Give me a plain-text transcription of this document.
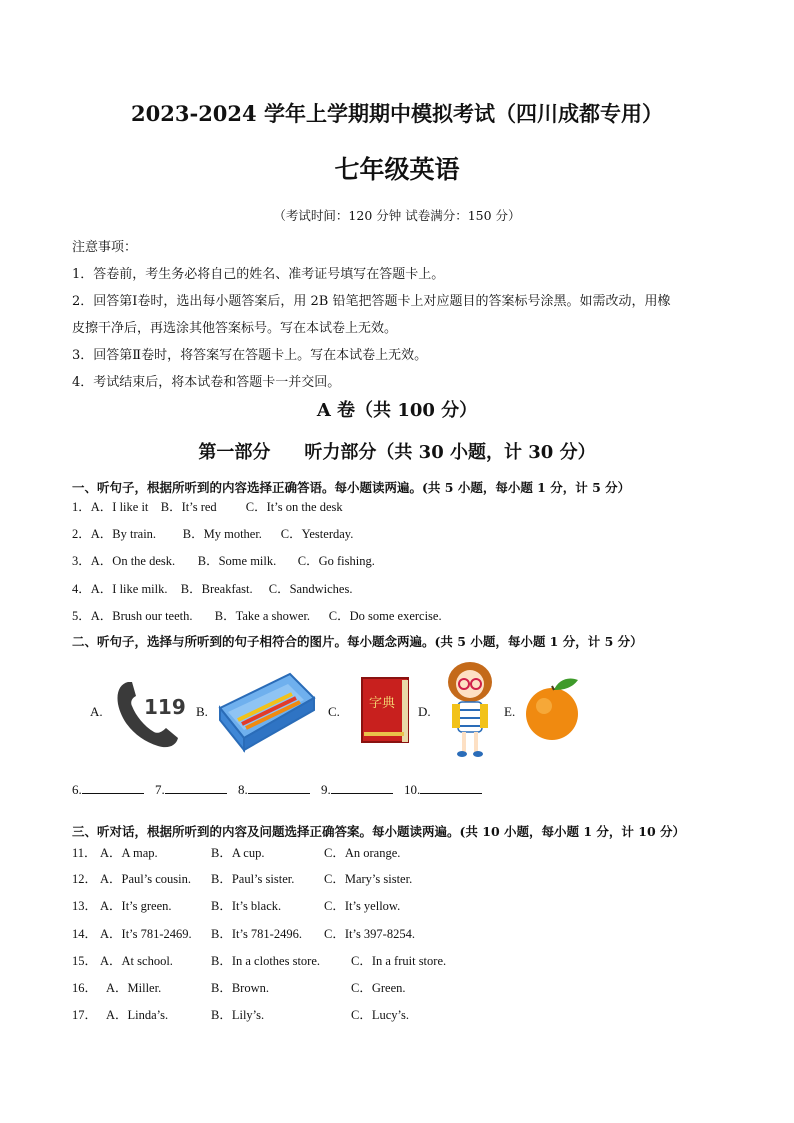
2023-2024 学年上学期期中模拟考试（四川成都专用）
七年级英语
（考试时间：120 分钟 试卷满分：150 分）
注意事项：
1．答卷前，考生务必将自己的姓名、准考证号填写在答题卡上。
2．回答第Ⅰ卷时，选出每小题答案后，用 2B 铅笔把答题卡上对应题目的答案标号涂黑。如需改动，用橡
皮擦干净后，再选涂其他答案标号。写在本试卷上无效。
3．回答第Ⅱ卷时，将答案写在答题卡上。写在本试卷上无效。
4．考试结束后，将本试卷和答题卡一并交回。
A 卷（共 100 分）
第一部分 听力部分（共 30 小题，计 30 分）
一、听句子，根据所听到的内容选择正确答语。每小题读两遍。(共 5 小题，每小题 1 分，计 5 分）
1．A．I like it B．It’s red C．It’s on the desk
2．A．By train. B．My mother. C．Yesterday.
3．A．On the desk. B．Some milk. C．Go fishing.
4．A．I like milk. B．Breakfast. C．Sandwiches.
5．A．Brush our teeth. B．Take a shower. C．Do some exercise.
二、听句子，选择与所听到的句子相符合的图片。每小题念两遍。(共 5 小题，每小题 1 分，计 5 分）
A. 119 B.	C.
字典
D.	E.
6.	7.	8.	9.	10.
三、听对话，根据所听到的内容及问题选择正确答案。每小题读两遍。(共 10 小题，每小题 1 分，计 10 分）
11． A．A map.	B．A cup.	C．An orange.
12． A．Paul’s cousin. B．Paul’s sister. C．Mary’s sister.
13． A．It’s green.	B．It’s black.	C．It’s yellow.
14． A．It’s 781-2469. B．It’s 781-2496. C．It’s 397-8254.
15． A．At school.	B．In a clothes store. C．In a fruit store.
16． A．Miller.	B．Brown.	C．Green.
17． A．Linda’s.	B．Lily’s.	C．Lucy’s.
